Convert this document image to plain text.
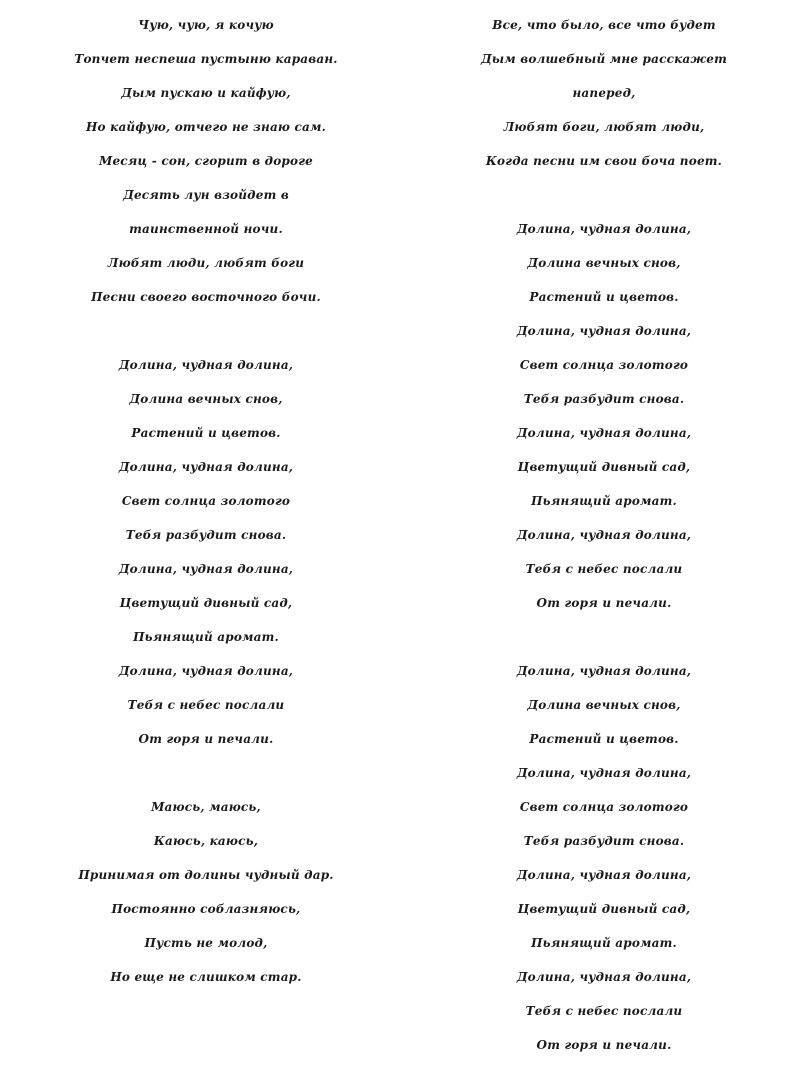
Чую, чую, я кочую
Топчет неспеша пустыню караван.
Дым пускаю и кайфую,
Но кайфую, отчего не знаю сам.
Месяц - сон, сгорит в дороге
Десять лун взойдет в
таинственной ночи.
Любят люди, любят боги
Песни своего восточного бочи.
Долина, чудная долина,
Долина вечных снов,
Растений и цветов.
Долина, чудная долина,
Свет солнца золотого
Тебя разбудит снова.
Долина, чудная долина,
Цветущий дивный сад,
Пьянящий аромат.
Долина, чудная долина,
Тебя с небес послали
От горя и печали.
Маюсь, маюсь,
Каюсь, каюсь,
Принимая от долины чудный дар.
Постоянно соблазняюсь,
Пусть не молод,
Но еще не слишком стар.
Все, что было, все что будет
Дым волшебный мне расскажет
наперед,
Любят боги, любят люди,
Когда песни им свои боча поет.
Долина, чудная долина,
Долина вечных снов,
Растений и цветов.
Долина, чудная долина,
Свет солнца золотого
Тебя разбудит снова.
Долина, чудная долина,
Цветущий дивный сад,
Пьянящий аромат.
Долина, чудная долина,
Тебя с небес послали
От горя и печали.
Долина, чудная долина,
Долина вечных снов,
Растений и цветов.
Долина, чудная долина,
Свет солнца золотого
Тебя разбудит снова.
Долина, чудная долина,
Цветущий дивный сад,
Пьянящий аромат.
Долина, чудная долина,
Тебя с небес послали
От горя и печали.
